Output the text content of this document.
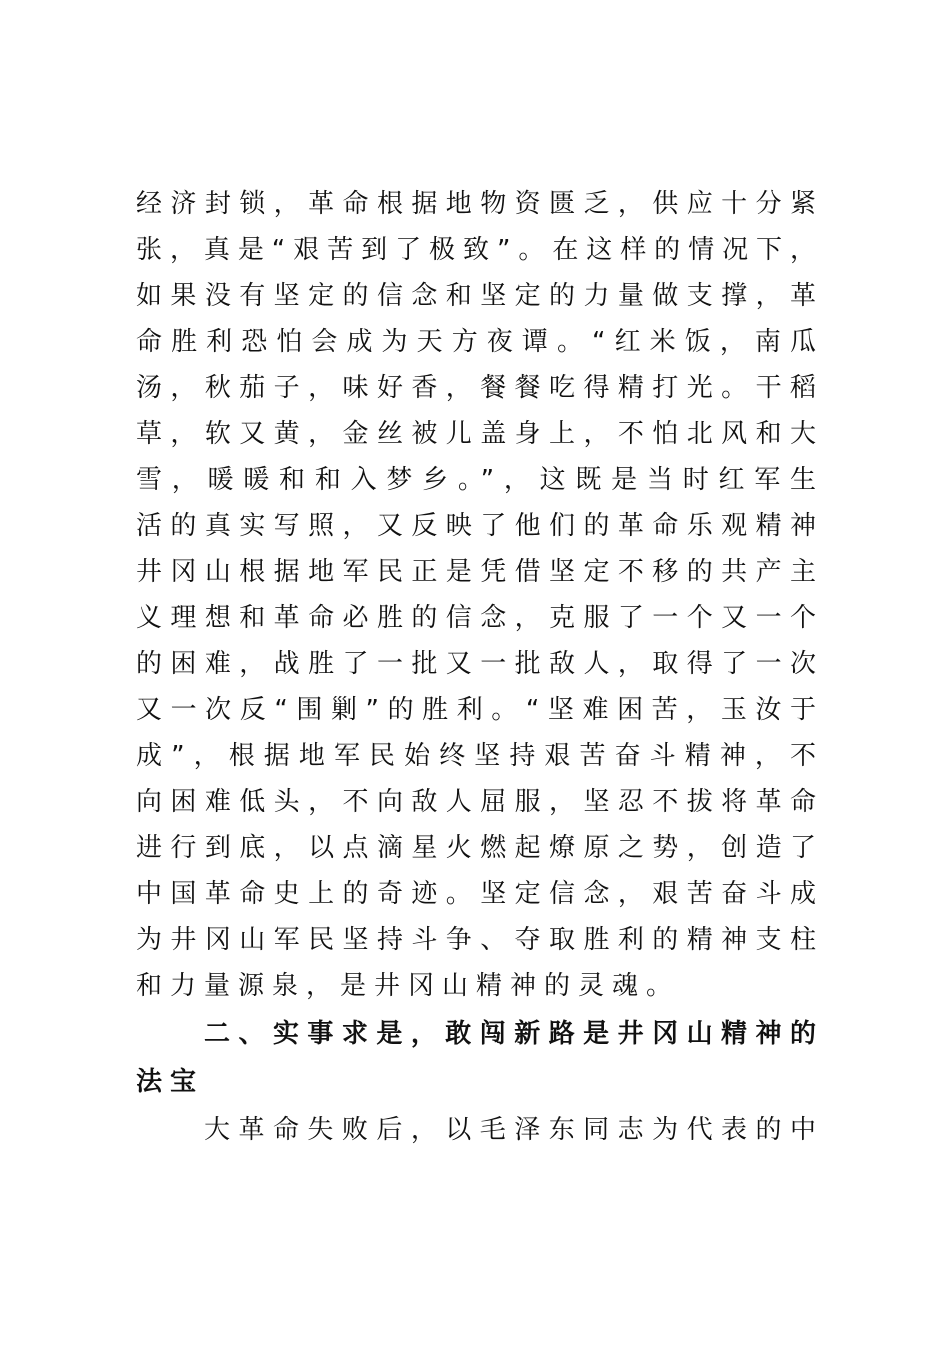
经济封锁，革命根据地物资匮乏，供应十分紧
张，真是“艰苦到了极致”。在这样的情况下，
如果没有坚定的信念和坚定的力量做支撑，革
命胜利恐怕会成为天方夜谭。“红米饭，南瓜
汤，秋茄子，味好香，餐餐吃得精打光。干稻
草，软又黄，金丝被儿盖身上，不怕北风和大
雪，暖暖和和入梦乡。”，这既是当时红军生
活的真实写照，又反映了他们的革命乐观精神
井冈山根据地军民正是凭借坚定不移的共产主
义理想和革命必胜的信念，克服了一个又一个
的困难，战胜了一批又一批敌人，取得了一次
又一次反“围剿”的胜利。“坚难困苦，玉汝于
成”，根据地军民始终坚持艰苦奋斗精神，不
向困难低头，不向敌人屈服，坚忍不拔将革命
进行到底，以点滴星火燃起燎原之势，创造了
中国革命史上的奇迹。坚定信念，艰苦奋斗成
为井冈山军民坚持斗争、夺取胜利的精神支柱
和力量源泉，是井冈山精神的灵魂。
二、实事求是，敢闯新路是井冈山精神的
法宝
大革命失败后，以毛泽东同志为代表的中
